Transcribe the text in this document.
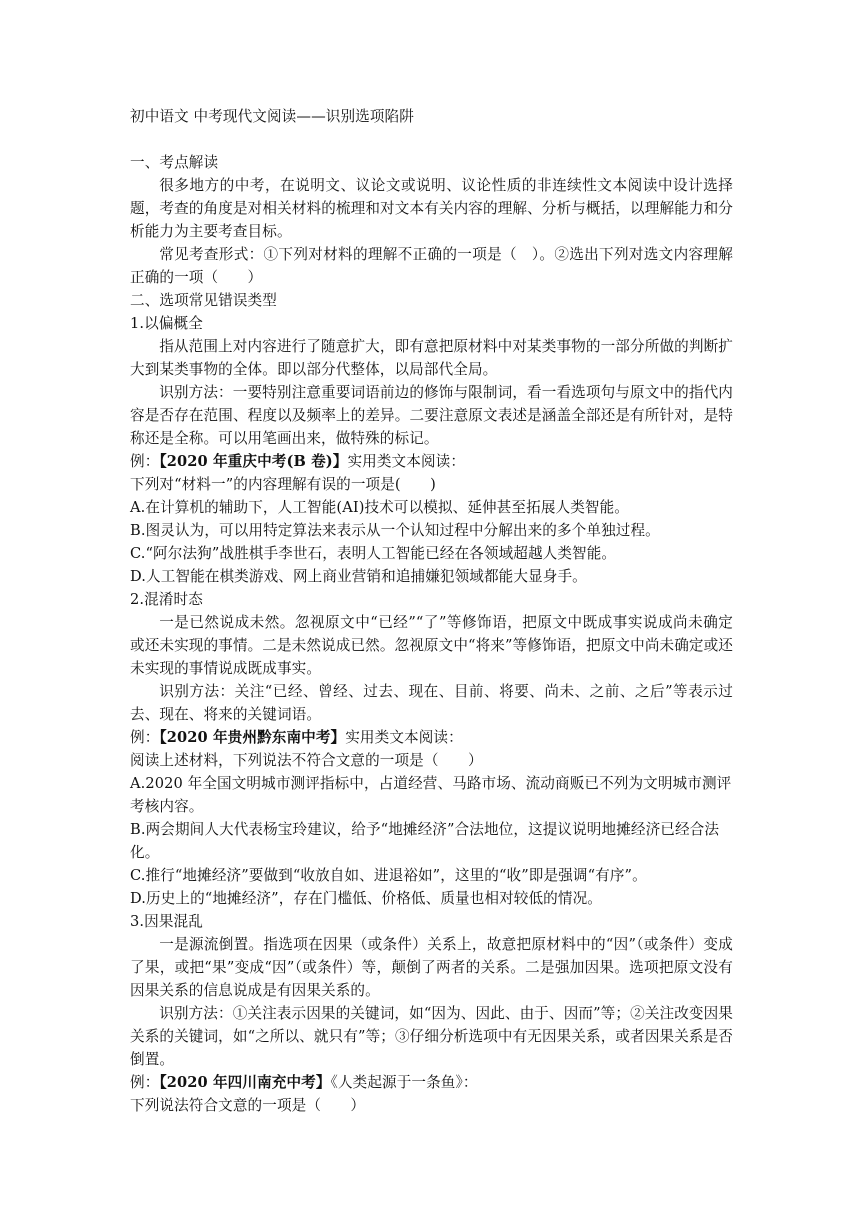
初中语文 中考现代文阅读——识别选项陷阱

一、考点解读

很多地方的中考，在说明文、议论文或说明、议论性质的非连续性文本阅读中设计选择题，考查的角度是对相关材料的梳理和对文本有关内容的理解、分析与概括，以理解能力和分析能力为主要考查目标。

常见考查形式：①下列对材料的理解不正确的一项是（　）。②选出下列对选文内容理解正确的一项（　　）

二、选项常见错误类型

1.以偏概全

指从范围上对内容进行了随意扩大，即有意把原材料中对某类事物的一部分所做的判断扩大到某类事物的全体。即以部分代整体，以局部代全局。

识别方法：一要特别注意重要词语前边的修饰与限制词，看一看选项句与原文中的指代内容是否存在范围、程度以及频率上的差异。二要注意原文表述是涵盖全部还是有所针对，是特称还是全称。可以用笔画出来，做特殊的标记。

例：【2020 年重庆中考(B 卷)】实用类文本阅读：

下列对“材料一”的内容理解有误的一项是(　　)

A.在计算机的辅助下，人工智能(AI)技术可以模拟、延伸甚至拓展人类智能。

B.图灵认为，可以用特定算法来表示从一个认知过程中分解出来的多个单独过程。

C.“阿尔法狗”战胜棋手李世石，表明人工智能已经在各领域超越人类智能。

D.人工智能在棋类游戏、网上商业营销和追捕嫌犯领域都能大显身手。

2.混淆时态

一是已然说成未然。忽视原文中“已经”“了”等修饰语，把原文中既成事实说成尚未确定或还未实现的事情。二是未然说成已然。忽视原文中“将来”等修饰语，把原文中尚未确定或还未实现的事情说成既成事实。

识别方法：关注“已经、曾经、过去、现在、目前、将要、尚未、之前、之后”等表示过去、现在、将来的关键词语。

例：【2020 年贵州黔东南中考】实用类文本阅读：

阅读上述材料，下列说法不符合文意的一项是（　　）

A.2020 年全国文明城市测评指标中，占道经营、马路市场、流动商贩已不列为文明城市测评考核内容。

B.两会期间人大代表杨宝玲建议，给予“地摊经济”合法地位，这提议说明地摊经济已经合法化。

C.推行“地摊经济”要做到“收放自如、进退裕如”，这里的“收”即是强调“有序”。

D.历史上的“地摊经济”，存在门槛低、价格低、质量也相对较低的情况。

3.因果混乱

一是源流倒置。指选项在因果（或条件）关系上，故意把原材料中的“因”（或条件）变成了果，或把“果”变成“因”（或条件）等，颠倒了两者的关系。二是强加因果。选项把原文没有因果关系的信息说成是有因果关系的。

识别方法：①关注表示因果的关键词，如“因为、因此、由于、因而”等；②关注改变因果关系的关键词，如“之所以、就只有”等；③仔细分析选项中有无因果关系，或者因果关系是否倒置。

例：【2020 年四川南充中考】《人类起源于一条鱼》：

下列说法符合文意的一项是（　　）
